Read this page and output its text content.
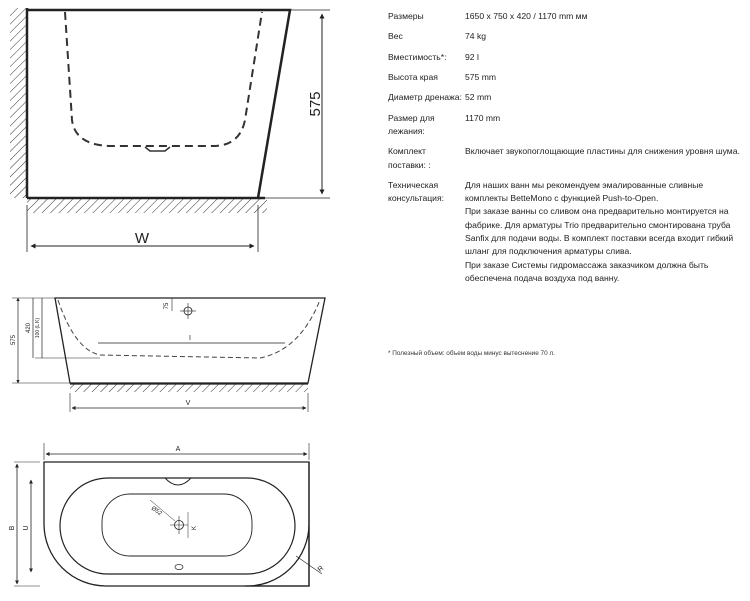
575
W
75
I
575
420 100 (L K)
V
A
Ø52
K
B U
R
Размеры	1650 x 750 x 420 / 1170 mm мм
Вес	74 kg
Вместимость*:	92 l
Высота края	575 mm
Диаметр дренажа: 52 mm
Размер для лежания:
1170 mm
Комплект поставки: :
Включает звукопоглощающие пластины для снижения уровня шума.
Техническая консультация:
Для наших ванн мы рекомендуем эмалированные сливные комплекты BetteMono с функцией Push-to-Open.
При заказе ванны со сливом она предварительно монтируется на фабрике. Для арматуры Trio предварительно смонтирована труба Sanfix для подачи воды. В комплект поставки всегда входит гибкий шланг для подключения арматуры слива.
При заказе Системы гидромассажа заказчиком должна быть обеспечена подача воздуха под ванну.
* Полезный объем: объем воды минус вытеснение 70 л.
